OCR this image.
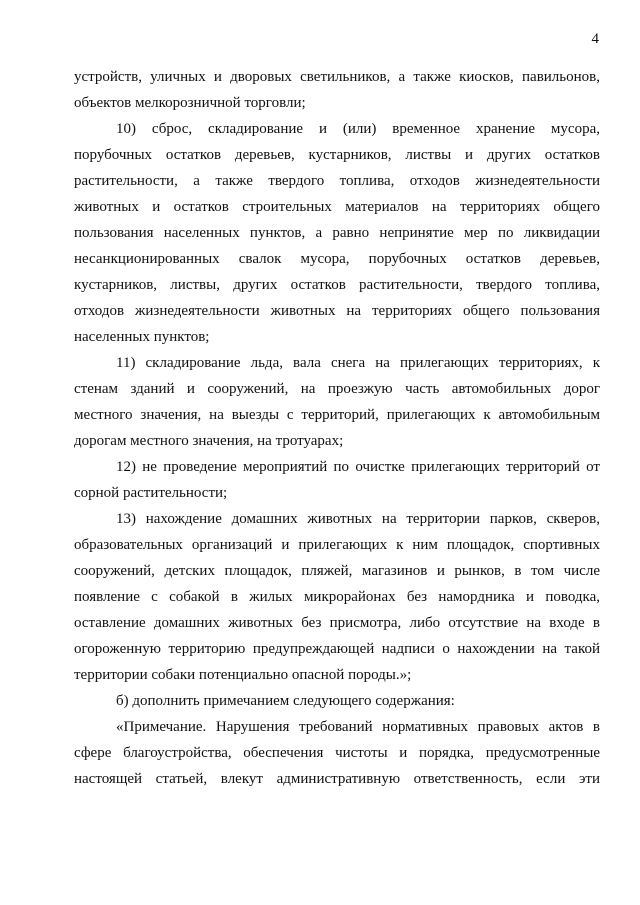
4
устройств, уличных и дворовых светильников, а также киосков, павильонов,
объектов мелкорозничной торговли;
10) сброс, складирование и (или) временное хранение мусора,
порубочных остатков деревьев, кустарников, листвы и других остатков
растительности, а также твердого топлива, отходов жизнедеятельности
животных и остатков строительных материалов на территориях общего
пользования населенных пунктов, а равно непринятие мер по ликвидации
несанкционированных свалок мусора, порубочных остатков деревьев,
кустарников, листвы, других остатков растительности, твердого топлива,
отходов жизнедеятельности животных на территориях общего пользования
населенных пунктов;
11) складирование льда, вала снега на прилегающих территориях, к
стенам зданий и сооружений, на проезжую часть автомобильных дорог
местного значения, на выезды с территорий, прилегающих к автомобильным
дорогам местного значения, на тротуарах;
12) не проведение мероприятий по очистке прилегающих территорий от
сорной растительности;
13) нахождение домашних животных на территории парков, скверов,
образовательных организаций и прилегающих к ним площадок, спортивных
сооружений, детских площадок, пляжей, магазинов и рынков, в том числе
появление с собакой в жилых микрорайонах без намордника и поводка,
оставление домашних животных без присмотра, либо отсутствие на входе в
огороженную территорию предупреждающей надписи о нахождении на такой
территории собаки потенциально опасной породы.»;
б) дополнить примечанием следующего содержания:
«Примечание. Нарушения требований нормативных правовых актов в
сфере благоустройства, обеспечения чистоты и порядка, предусмотренные
настоящей статьей, влекут административную ответственность, если эти
